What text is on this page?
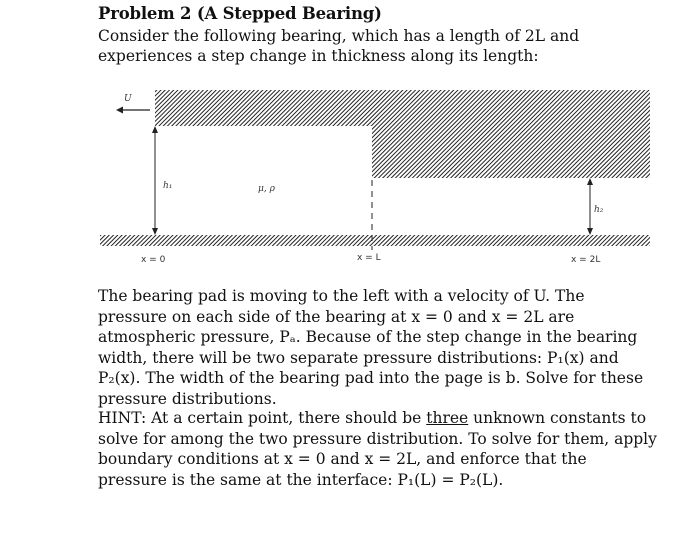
Problem 2 (A Stepped Bearing)
Consider the following bearing, which has a length of 2L and experiences a step change in thickness along its length:
U
h₁	μ, ρ
h₂
x = 0	x = L	x = 2L
The bearing pad is moving to the left with a velocity of U. The pressure on each side of the bearing at x = 0 and x = 2L are atmospheric pressure, Pₐ. Because of the step change in the bearing width, there will be two separate pressure distributions: P₁(x) and P₂(x). The width of the bearing pad into the page is b. Solve for these pressure distributions.
HINT: At a certain point, there should be three unknown constants to solve for among the two pressure distribution. To solve for them, apply boundary conditions at x = 0 and x = 2L, and enforce that the pressure is the same at the interface: P₁(L) = P₂(L).
